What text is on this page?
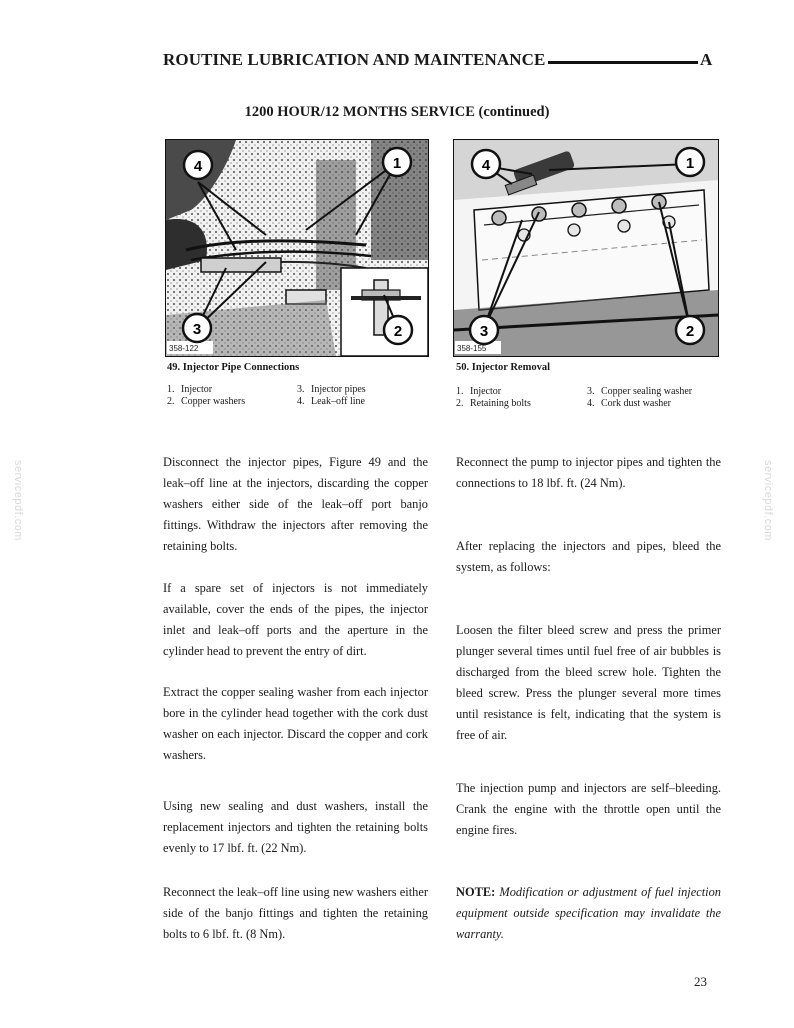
ROUTINE LUBRICATION AND MAINTENANCE	A
1200 HOUR/12 MONTHS SERVICE (continued)
358-122
4	1
3	2
49. Injector Pipe Connections
1. Injector	3. Injector pipes
2. Copper washers	4. Leak–off line
358-155
4	1
3	2
50. Injector Removal
1. Injector	3. Copper sealing washer
2. Retaining bolts	4. Cork dust washer

Disconnect the injector pipes, Figure 49 and the leak–off line at the injectors, discarding the copper washers either side of the leak–off port banjo fittings. Withdraw the injectors after removing the retaining bolts.

If a spare set of injectors is not immediately available, cover the ends of the pipes, the injector inlet and leak–off ports and the aperture in the cylinder head to prevent the entry of dirt.

Extract the copper sealing washer from each injector bore in the cylinder head together with the cork dust washer on each injector. Discard the copper and cork washers.

Using new sealing and dust washers, install the replacement injectors and tighten the retaining bolts evenly to 17 lbf. ft. (22 Nm).

Reconnect the leak–off line using new washers either side of the banjo fittings and tighten the retaining bolts to 6 lbf. ft. (8 Nm).

Reconnect the pump to injector pipes and tighten the connections to 18 lbf. ft. (24 Nm).

After replacing the injectors and pipes, bleed the system, as follows:

Loosen the filter bleed screw and press the primer plunger several times until fuel free of air bubbles is discharged from the bleed screw hole. Tighten the bleed screw. Press the plunger several more times until resistance is felt, indicating that the system is free of air.

The injection pump and injectors are self–bleeding. Crank the engine with the throttle open until the engine fires.

NOTE: Modification or adjustment of fuel injection equipment outside specification may invalidate the warranty.

servicepdf.com	servicepdf.com
23
